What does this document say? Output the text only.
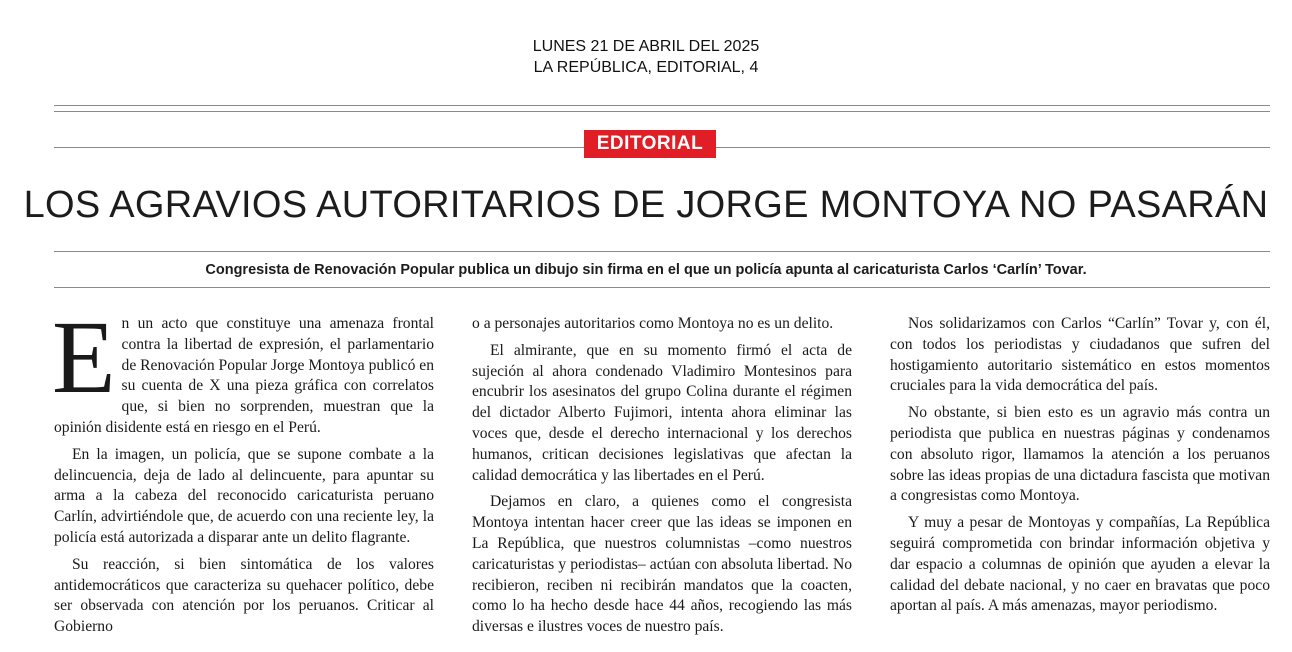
LUNES 21 DE ABRIL DEL 2025
LA REPÚBLICA, EDITORIAL, 4
EDITORIAL
LOS AGRAVIOS AUTORITARIOS DE JORGE MONTOYA NO PASARÁN
Congresista de Renovación Popular publica un dibujo sin firma en el que un policía apunta al caricaturista Carlos ‘Carlín’ Tovar.

En un acto que constituye una amenaza frontal contra la libertad de expresión, el parlamentario de Renovación Popular Jorge Montoya publicó en su cuenta de X una pieza gráfica con correlatos que, si bien no sorprenden, muestran que la opinión disidente está en riesgo en el Perú.

En la imagen, un policía, que se supone combate a la delincuencia, deja de lado al delincuente, para apuntar su arma a la cabeza del reconocido caricaturista peruano Carlín, advirtiéndole que, de acuerdo con una reciente ley, la policía está autorizada a disparar ante un delito flagrante.

Su reacción, si bien sintomática de los valores antidemocráticos que caracteriza su quehacer político, debe ser observada con atención por los peruanos. Criticar al Gobierno

o a personajes autoritarios como Montoya no es un delito.

El almirante, que en su momento firmó el acta de sujeción al ahora condenado Vladimiro Montesinos para encubrir los asesinatos del grupo Colina durante el régimen del dictador Alberto Fujimori, intenta ahora eliminar las voces que, desde el derecho internacional y los derechos humanos, critican decisiones legislativas que afectan la calidad democrática y las libertades en el Perú.

Dejamos en claro, a quienes como el congresista Montoya intentan hacer creer que las ideas se imponen en La República, que nuestros columnistas –como nuestros caricaturistas y periodistas– actúan con absoluta libertad. No recibieron, reciben ni recibirán mandatos que la coacten, como lo ha hecho desde hace 44 años, recogiendo las más diversas e ilustres voces de nuestro país.

Nos solidarizamos con Carlos “Carlín” Tovar y, con él, con todos los periodistas y ciudadanos que sufren del hostigamiento autoritario sistemático en estos momentos cruciales para la vida democrática del país.

No obstante, si bien esto es un agravio más contra un periodista que publica en nuestras páginas y condenamos con absoluto rigor, llamamos la atención a los peruanos sobre las ideas propias de una dictadura fascista que motivan a congresistas como Montoya.

Y muy a pesar de Montoyas y compañías, La República seguirá comprometida con brindar información objetiva y dar espacio a columnas de opinión que ayuden a elevar la calidad del debate nacional, y no caer en bravatas que poco aportan al país. A más amenazas, mayor periodismo.
